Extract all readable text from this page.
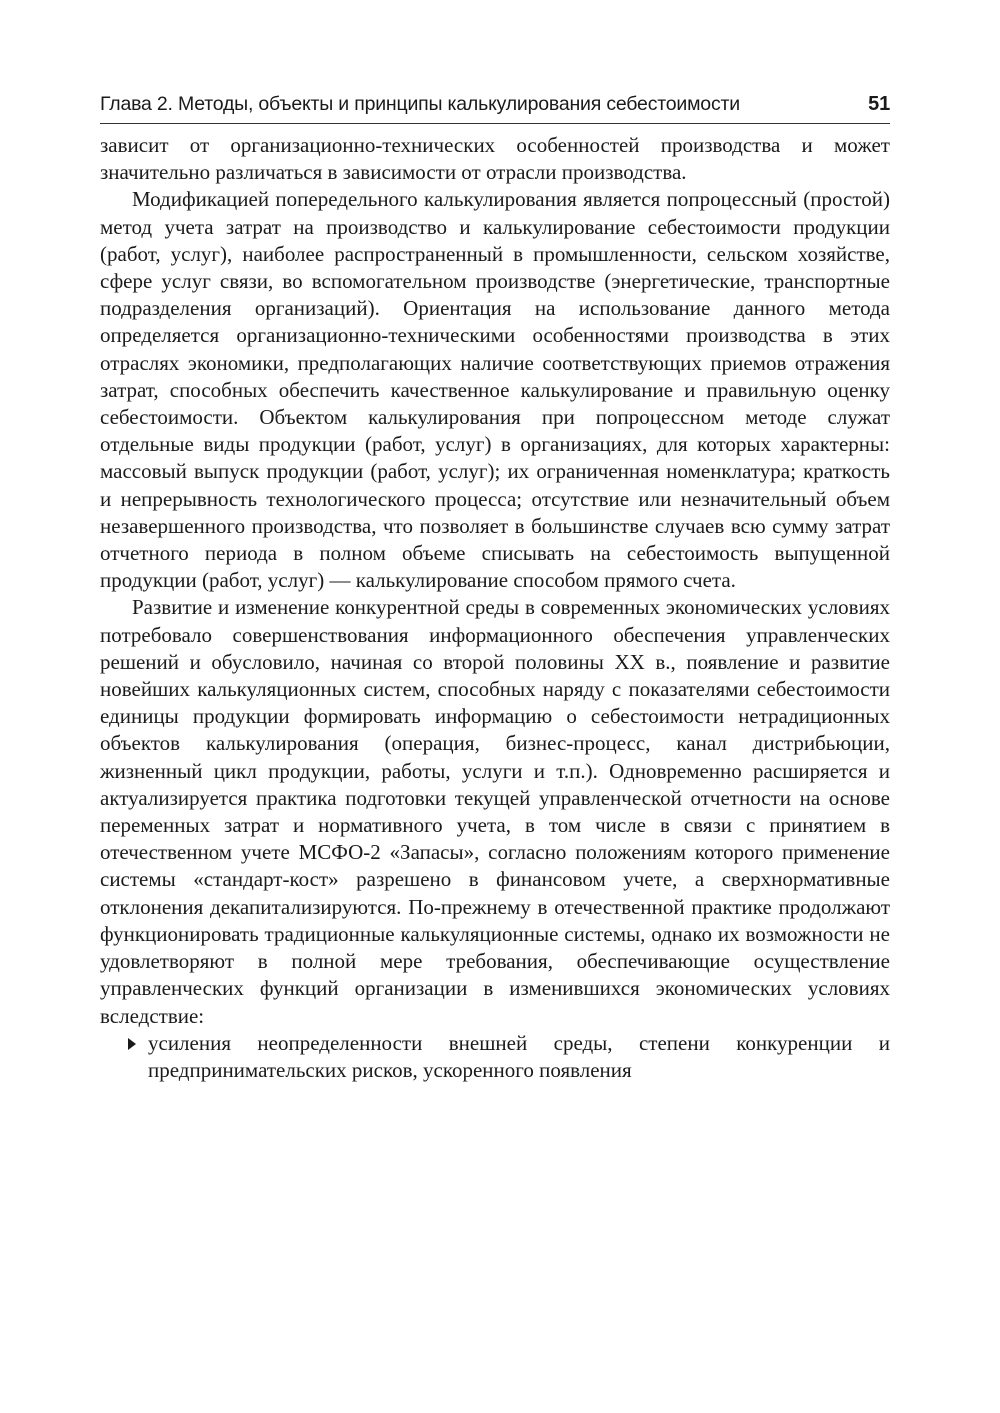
Глава 2. Методы, объекты и принципы калькулирования себестоимости	51

зависит от организационно-технических особенностей производства и может значительно различаться в зависимости от отрасли производства.

Модификацией попередельного калькулирования является попроцессный (простой) метод учета затрат на производство и калькулирование себестоимости продукции (работ, услуг), наиболее распространенный в промышленности, сельском хозяйстве, сфере услуг связи, во вспомогательном производстве (энергетические, транспортные подразделения организаций). Ориентация на использование данного метода определяется организационно-техническими особенностями производства в этих отраслях экономики, предполагающих наличие соответствующих приемов отражения затрат, способных обеспечить качественное калькулирование и правильную оценку себестоимости. Объектом калькулирования при попроцессном методе служат отдельные виды продукции (работ, услуг) в организациях, для которых характерны: массовый выпуск продукции (работ, услуг); их ограниченная номенклатура; краткость и непрерывность технологического процесса; отсутствие или незначительный объем незавершенного производства, что позволяет в большинстве случаев всю сумму затрат отчетного периода в полном объеме списывать на себестоимость выпущенной продукции (работ, услуг) — калькулирование способом прямого счета.

Развитие и изменение конкурентной среды в современных экономических условиях потребовало совершенствования информационного обеспечения управленческих решений и обусловило, начиная со второй половины XX в., появление и развитие новейших калькуляционных систем, способных наряду с показателями себестоимости единицы продукции формировать информацию о себестоимости нетрадиционных объектов калькулирования (операция, бизнес-процесс, канал дистрибьюции, жизненный цикл продукции, работы, услуги и т.п.). Одновременно расширяется и актуализируется практика подготовки текущей управленческой отчетности на основе переменных затрат и нормативного учета, в том числе в связи с принятием в отечественном учете МСФО-2 «Запасы», согласно положениям которого применение системы «стандарт-кост» разрешено в финансовом учете, а сверхнормативные отклонения декапитализируются. По-прежнему в отечественной практике продолжают функционировать традиционные калькуляционные системы, однако их возможности не удовлетворяют в полной мере требования, обеспечивающие осуществление управленческих функций организации в изменившихся экономических условиях вследствие:

усиления неопределенности внешней среды, степени конкуренции и предпринимательских рисков, ускоренного появления
